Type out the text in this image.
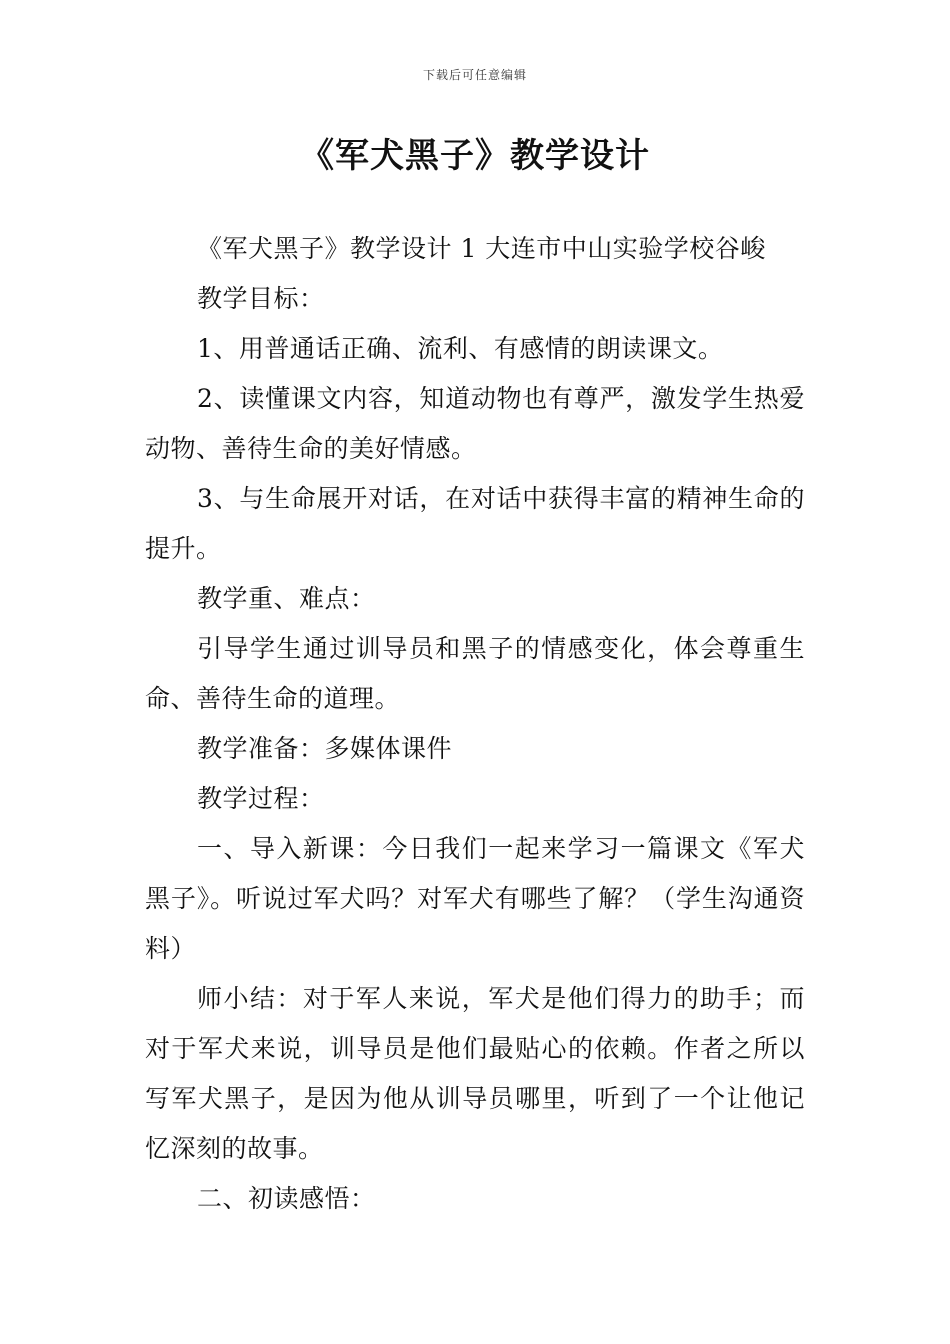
下载后可任意编辑
《军犬黑子》教学设计

《军犬黑子》教学设计 1 大连市中山实验学校谷峻

教学目标：

1、用普通话正确、流利、有感情的朗读课文。

2、读懂课文内容，知道动物也有尊严，激发学生热爱动物、善待生命的美好情感。

3、与生命展开对话，在对话中获得丰富的精神生命的提升。

教学重、难点：

引导学生通过训导员和黑子的情感变化，体会尊重生命、善待生命的道理。

教学准备：多媒体课件

教学过程：

一、导入新课：今日我们一起来学习一篇课文《军犬黑子》。听说过军犬吗？对军犬有哪些了解？（学生沟通资料）

师小结：对于军人来说，军犬是他们得力的助手；而对于军犬来说，训导员是他们最贴心的依赖。作者之所以写军犬黑子，是因为他从训导员哪里，听到了一个让他记忆深刻的故事。

二、初读感悟：
